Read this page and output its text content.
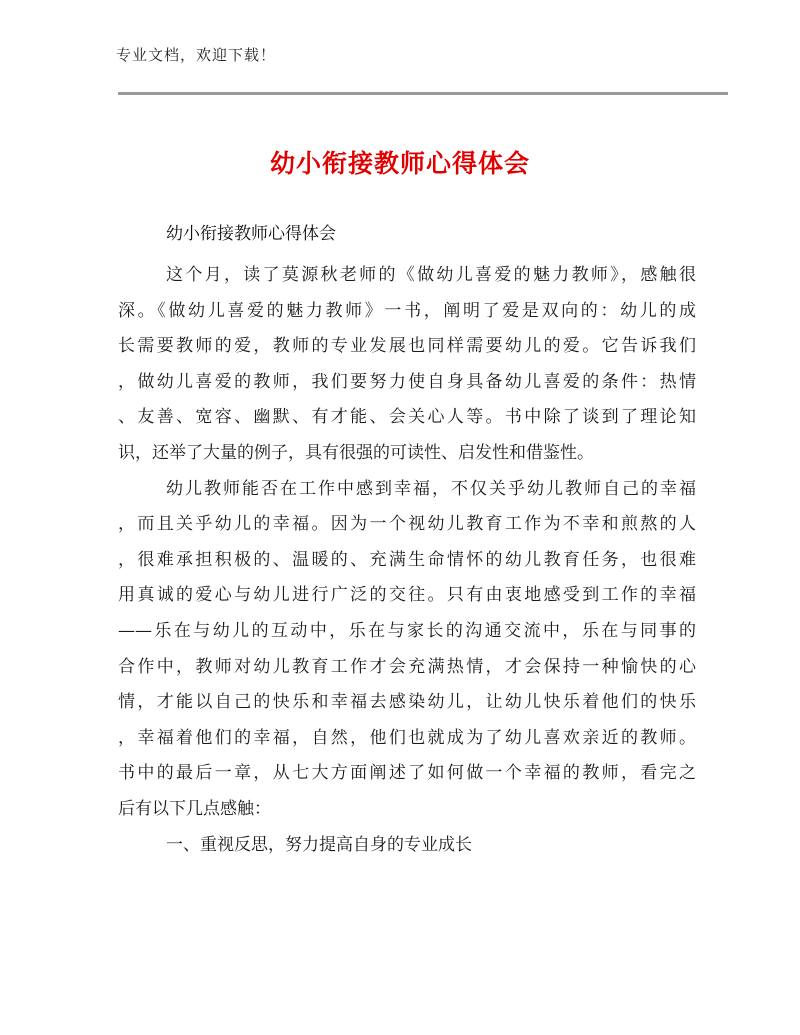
专业文档，欢迎下载！
幼小衔接教师心得体会
幼小衔接教师心得体会
这个月，读了莫源秋老师的《做幼儿喜爱的魅力教师》，感触很
深。《做幼儿喜爱的魅力教师》一书，阐明了爱是双向的：幼儿的成
长需要教师的爱，教师的专业发展也同样需要幼儿的爱。它告诉我们
，做幼儿喜爱的教师，我们要努力使自身具备幼儿喜爱的条件：热情
、友善、宽容、幽默、有才能、会关心人等。书中除了谈到了理论知
识，还举了大量的例子，具有很强的可读性、启发性和借鉴性。
幼儿教师能否在工作中感到幸福，不仅关乎幼儿教师自己的幸福
，而且关乎幼儿的幸福。因为一个视幼儿教育工作为不幸和煎熬的人
，很难承担积极的、温暖的、充满生命情怀的幼儿教育任务，也很难
用真诚的爱心与幼儿进行广泛的交往。只有由衷地感受到工作的幸福
——乐在与幼儿的互动中，乐在与家长的沟通交流中，乐在与同事的
合作中，教师对幼儿教育工作才会充满热情，才会保持一种愉快的心
情，才能以自己的快乐和幸福去感染幼儿，让幼儿快乐着他们的快乐
，幸福着他们的幸福，自然，他们也就成为了幼儿喜欢亲近的教师。
书中的最后一章，从七大方面阐述了如何做一个幸福的教师，看完之
后有以下几点感触：
一、重视反思，努力提高自身的专业成长
